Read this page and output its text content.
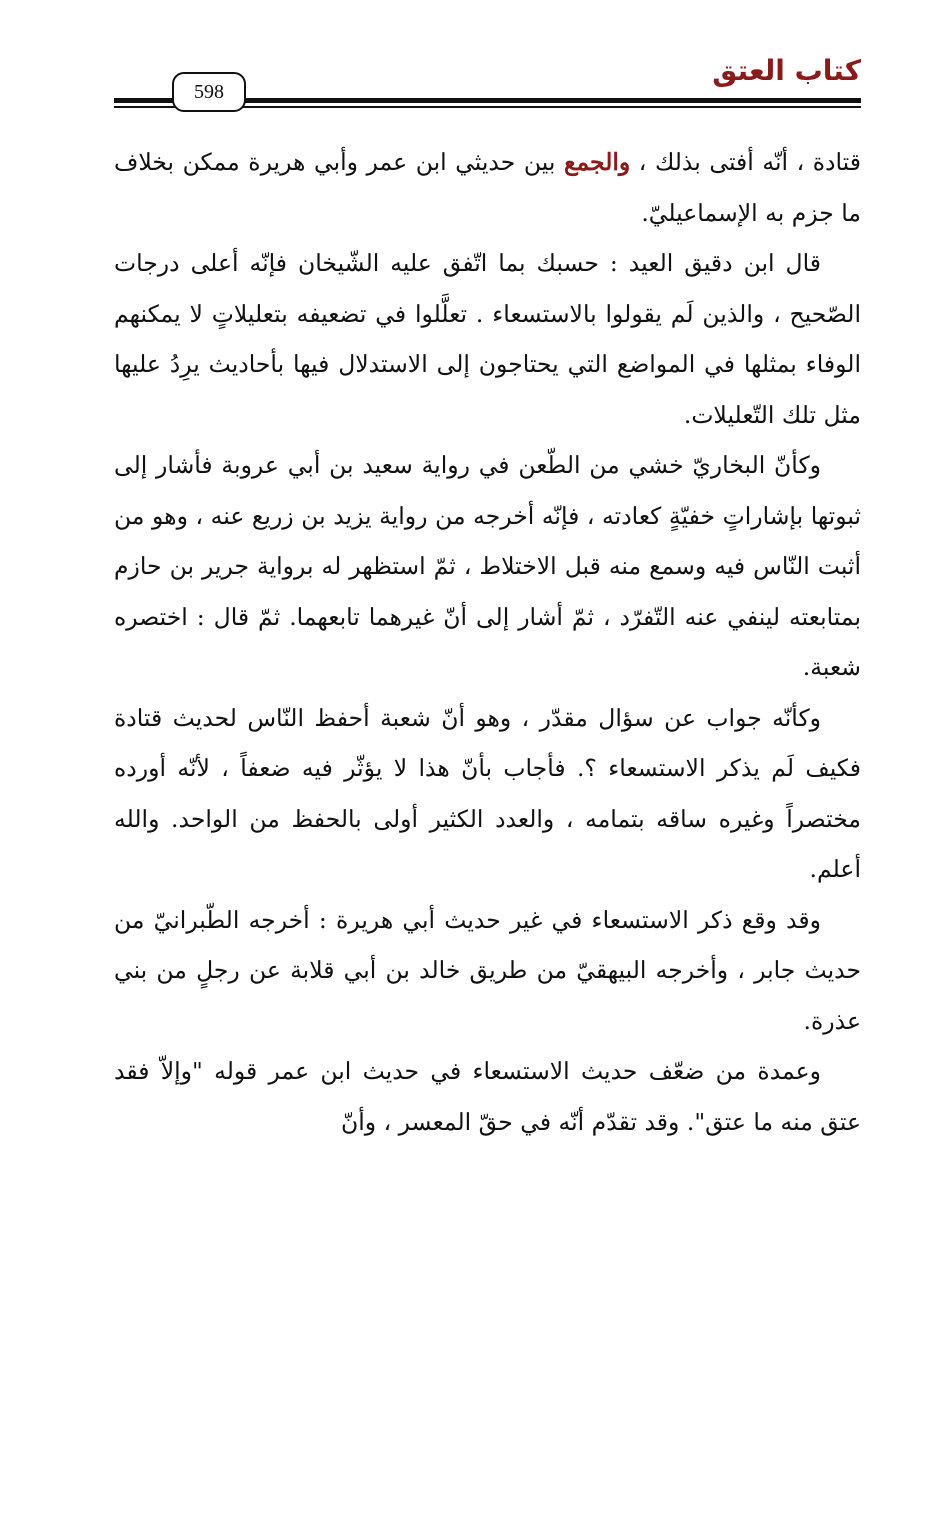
كتاب العتق
598

قتادة ، أنّه أفتى بذلك ، والجمع بين حديثي ابن عمر وأبي هريرة ممكن بخلاف ما جزم به الإسماعيليّ.

قال ابن دقيق العيد : حسبك بما اتّفق عليه الشّيخان فإنّه أعلى درجات الصّحيح ، والذين لَم يقولوا بالاستسعاء . تعلَّلوا في تضعيفه بتعليلاتٍ لا يمكنهم الوفاء بمثلها في المواضع التي يحتاجون إلى الاستدلال فيها بأحاديث يرِدُ عليها مثل تلك التّعليلات.

وكأنّ البخاريّ خشي من الطّعن في رواية سعيد بن أبي عروبة فأشار إلى ثبوتها بإشاراتٍ خفيّةٍ كعادته ، فإنّه أخرجه من رواية يزيد بن زريع عنه ، وهو من أثبت النّاس فيه وسمع منه قبل الاختلاط ، ثمّ استظهر له برواية جرير بن حازم بمتابعته لينفي عنه التّفرّد ، ثمّ أشار إلى أنّ غيرهما تابعهما. ثمّ قال : اختصره شعبة.

وكأنّه جواب عن سؤال مقدّر ، وهو أنّ شعبة أحفظ النّاس لحديث قتادة فكيف لَم يذكر الاستسعاء ؟. فأجاب بأنّ هذا لا يؤثّر فيه ضعفاً ، لأنّه أورده مختصراً وغيره ساقه بتمامه ، والعدد الكثير أولى بالحفظ من الواحد. والله أعلم.

وقد وقع ذكر الاستسعاء في غير حديث أبي هريرة : أخرجه الطّبرانيّ من حديث جابر ، وأخرجه البيهقيّ من طريق خالد بن أبي قلابة عن رجلٍ من بني عذرة.

وعمدة من ضعّف حديث الاستسعاء في حديث ابن عمر قوله "وإلاّ فقد عتق منه ما عتق". وقد تقدّم أنّه في حقّ المعسر ، وأنّ
